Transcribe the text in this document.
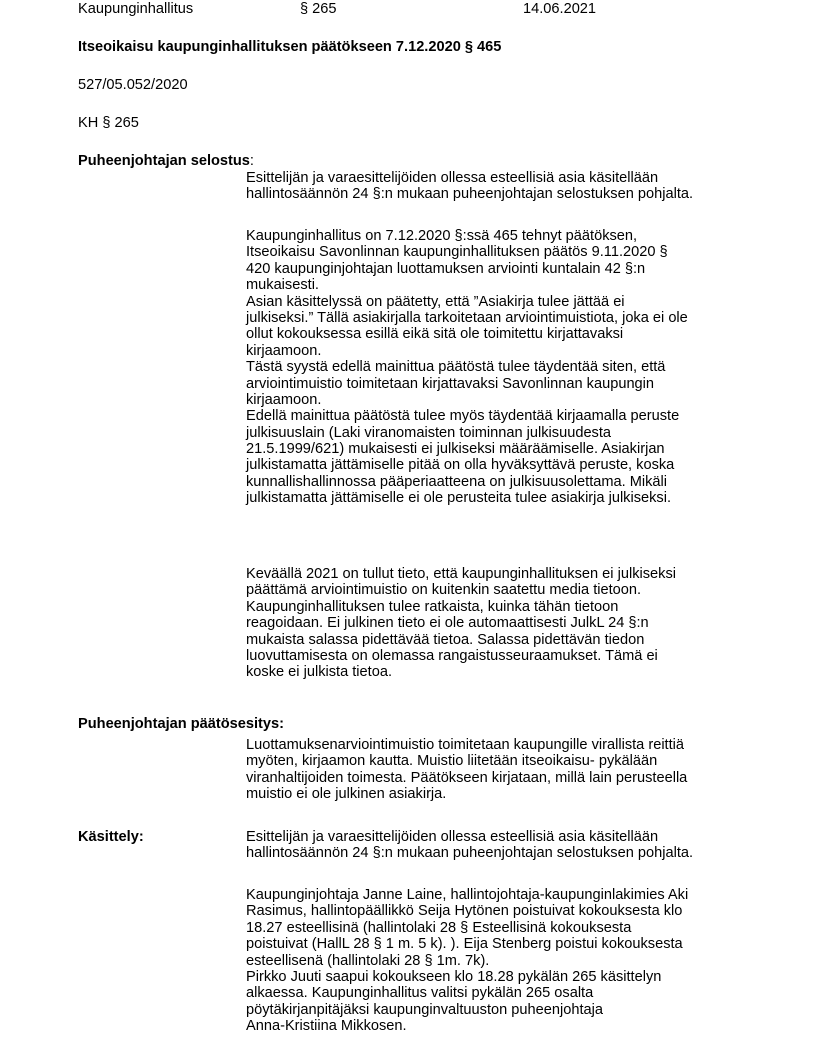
Kaupunginhallitus	§ 265	14.06.2021
Itseoikaisu kaupunginhallituksen päätökseen 7.12.2020 § 465
527/05.052/2020
KH § 265
Puheenjohtajan selostus:
Esittelijän ja varaesittelijöiden ollessa esteellisiä asia käsitellään
hallintosäännön 24 §:n mukaan puheenjohtajan selostuksen pohjalta.
Kaupunginhallitus on 7.12.2020 §:ssä 465 tehnyt päätöksen,
Itseoikaisu Savonlinnan kaupunginhallituksen päätös 9.11.2020 §
420 kaupunginjohtajan luottamuksen arviointi kuntalain 42 §:n
mukaisesti.
Asian käsittelyssä on päätetty, että ”Asiakirja tulee jättää ei
julkiseksi.” Tällä asiakirjalla tarkoitetaan arviointimuistiota, joka ei ole
ollut kokouksessa esillä eikä sitä ole toimitettu kirjattavaksi
kirjaamoon.
Tästä syystä edellä mainittua päätöstä tulee täydentää siten, että
arviointimuistio toimitetaan kirjattavaksi Savonlinnan kaupungin
kirjaamoon.
Edellä mainittua päätöstä tulee myös täydentää kirjaamalla peruste
julkisuuslain (Laki viranomaisten toiminnan julkisuudesta
21.5.1999/621) mukaisesti ei julkiseksi määräämiselle. Asiakirjan
julkistamatta jättämiselle pitää on olla hyväksyttävä peruste, koska
kunnallishallinnossa pääperiaatteena on julkisuusolettama. Mikäli
julkistamatta jättämiselle ei ole perusteita tulee asiakirja julkiseksi.
Keväällä 2021 on tullut tieto, että kaupunginhallituksen ei julkiseksi
päättämä arviointimuistio on kuitenkin saatettu media tietoon.
Kaupunginhallituksen tulee ratkaista, kuinka tähän tietoon
reagoidaan. Ei julkinen tieto ei ole automaattisesti JulkL 24 §:n
mukaista salassa pidettävää tietoa. Salassa pidettävän tiedon
luovuttamisesta on olemassa rangaistusseuraamukset. Tämä ei
koske ei julkista tietoa.
Puheenjohtajan päätösesitys:
Luottamuksenarviointimuistio toimitetaan kaupungille virallista reittiä
myöten, kirjaamon kautta. Muistio liitetään itseoikaisu- pykälään
viranhaltijoiden toimesta. Päätökseen kirjataan, millä lain perusteella
muistio ei ole julkinen asiakirja.
Käsittely:	Esittelijän ja varaesittelijöiden ollessa esteellisiä asia käsitellään
hallintosäännön 24 §:n mukaan puheenjohtajan selostuksen pohjalta.
Kaupunginjohtaja Janne Laine, hallintojohtaja-kaupunginlakimies Aki
Rasimus, hallintopäällikkö Seija Hytönen poistuivat kokouksesta klo
18.27 esteellisinä (hallintolaki 28 § Esteellisinä kokouksesta
poistuivat (HallL 28 § 1 m. 5 k). ). Eija Stenberg poistui kokouksesta
esteellisenä (hallintolaki 28 § 1m. 7k).
Pirkko Juuti saapui kokoukseen klo 18.28 pykälän 265 käsittelyn
alkaessa. Kaupunginhallitus valitsi pykälän 265 osalta
pöytäkirjanpitäjäksi kaupunginvaltuuston puheenjohtaja
Anna-Kristiina Mikkosen.
